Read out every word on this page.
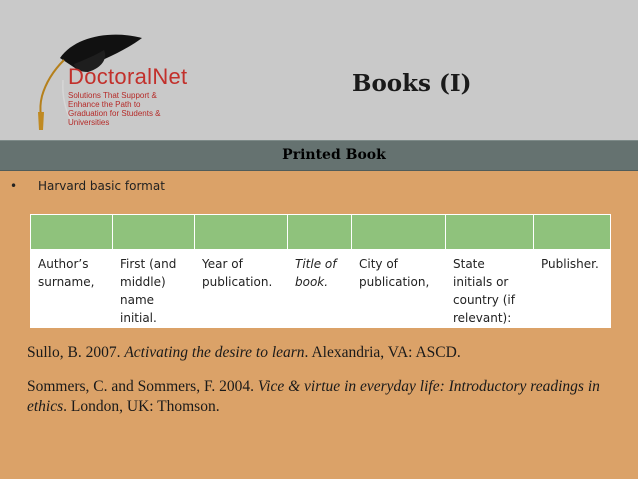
DoctoralNet
Solutions That Support & Enhance the Path to Graduation for Students & Universities
Books (I)
Printed Book
• Harvard basic format

Author’s surname,	First (and middle) name initial.	Year of publication.	Title of book.	City of publication,	State initials or country (if relevant):	Publisher.
Sullo, B. 2007. Activating the desire to learn. Alexandria, VA: ASCD.
Sommers, C. and Sommers, F. 2004. Vice & virtue in everyday life: Introductory readings in ethics. London, UK: Thomson.
